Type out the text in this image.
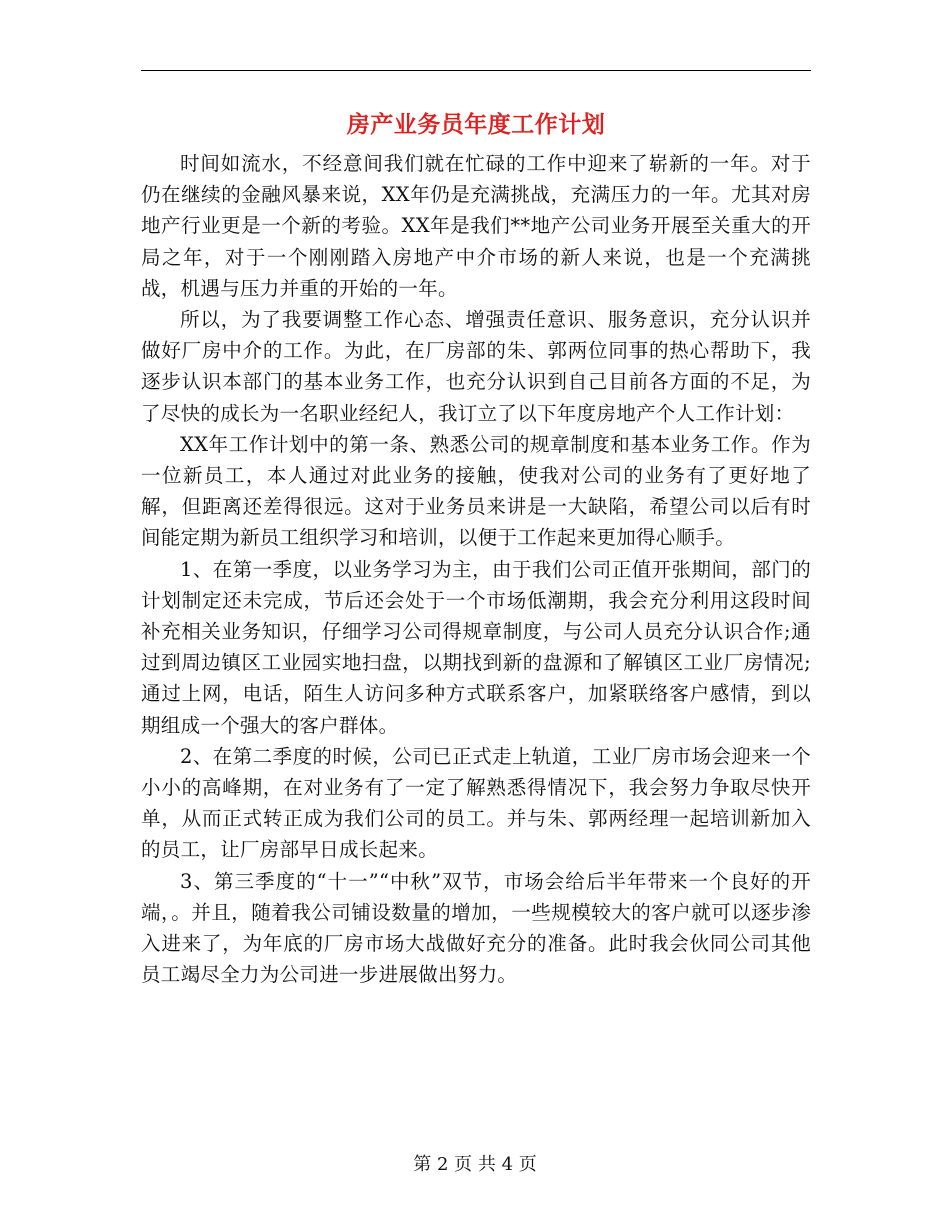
房产业务员年度工作计划

时间如流水，不经意间我们就在忙碌的工作中迎来了崭新的一年。对于仍在继续的金融风暴来说，XX年仍是充满挑战，充满压力的一年。尤其对房地产行业更是一个新的考验。XX年是我们**地产公司业务开展至关重大的开局之年，对于一个刚刚踏入房地产中介市场的新人来说，也是一个充满挑战，机遇与压力并重的开始的一年。

所以，为了我要调整工作心态、增强责任意识、服务意识，充分认识并做好厂房中介的工作。为此，在厂房部的朱、郭两位同事的热心帮助下，我逐步认识本部门的基本业务工作，也充分认识到自己目前各方面的不足，为了尽快的成长为一名职业经纪人，我订立了以下年度房地产个人工作计划：

XX年工作计划中的第一条、熟悉公司的规章制度和基本业务工作。作为一位新员工，本人通过对此业务的接触，使我对公司的业务有了更好地了解，但距离还差得很远。这对于业务员来讲是一大缺陷，希望公司以后有时间能定期为新员工组织学习和培训，以便于工作起来更加得心顺手。

1、在第一季度，以业务学习为主，由于我们公司正值开张期间，部门的计划制定还未完成，节后还会处于一个市场低潮期，我会充分利用这段时间补充相关业务知识，仔细学习公司得规章制度，与公司人员充分认识合作;通过到周边镇区工业园实地扫盘，以期找到新的盘源和了解镇区工业厂房情况;通过上网，电话，陌生人访问多种方式联系客户，加紧联络客户感情，到以期组成一个强大的客户群体。

2、在第二季度的时候，公司已正式走上轨道，工业厂房市场会迎来一个小小的高峰期，在对业务有了一定了解熟悉得情况下，我会努力争取尽快开单，从而正式转正成为我们公司的员工。并与朱、郭两经理一起培训新加入的员工，让厂房部早日成长起来。

3、第三季度的“十一”“中秋”双节，市场会给后半年带来一个良好的开端，。并且，随着我公司铺设数量的增加，一些规模较大的客户就可以逐步渗入进来了，为年底的厂房市场大战做好充分的准备。此时我会伙同公司其他员工竭尽全力为公司进一步进展做出努力。

第 2 页 共 4 页
